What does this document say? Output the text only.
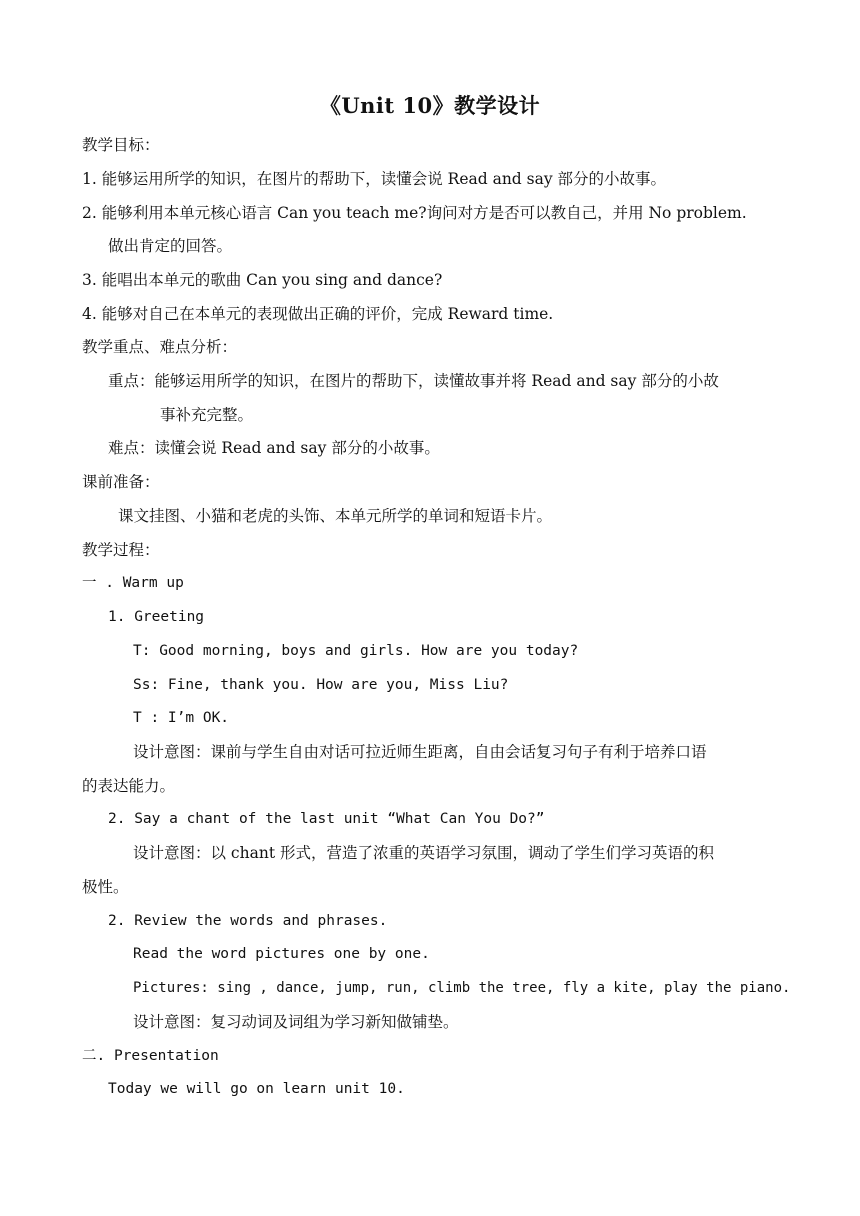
《Unit 10》教学设计
教学目标：
1. 能够运用所学的知识，在图片的帮助下，读懂会说 Read and say 部分的小故事。
2. 能够利用本单元核心语言 Can you teach me?询问对方是否可以教自己，并用 No problem.
做出肯定的回答。
3. 能唱出本单元的歌曲 Can you sing and dance?
4. 能够对自己在本单元的表现做出正确的评价，完成 Reward time.
教学重点、难点分析：
重点：能够运用所学的知识，在图片的帮助下，读懂故事并将 Read and say 部分的小故
事补充完整。
难点：读懂会说 Read and say 部分的小故事。
课前准备：
课文挂图、小猫和老虎的头饰、本单元所学的单词和短语卡片。
教学过程：
一 . Warm up
1. Greeting
T: Good morning, boys and girls. How are you today?
Ss: Fine, thank you. How are you, Miss Liu?
T : I’m OK.
设计意图：课前与学生自由对话可拉近师生距离，自由会话复习句子有利于培养口语
的表达能力。
2. Say a chant of the last unit “What Can You Do?”
设计意图：以 chant 形式，营造了浓重的英语学习氛围，调动了学生们学习英语的积
极性。
2. Review the words and phrases.
Read the word pictures one by one.
Pictures: sing , dance, jump, run, climb the tree, fly a kite, play the piano.
设计意图：复习动词及词组为学习新知做铺垫。
二. Presentation
Today we will go on learn unit 10.
